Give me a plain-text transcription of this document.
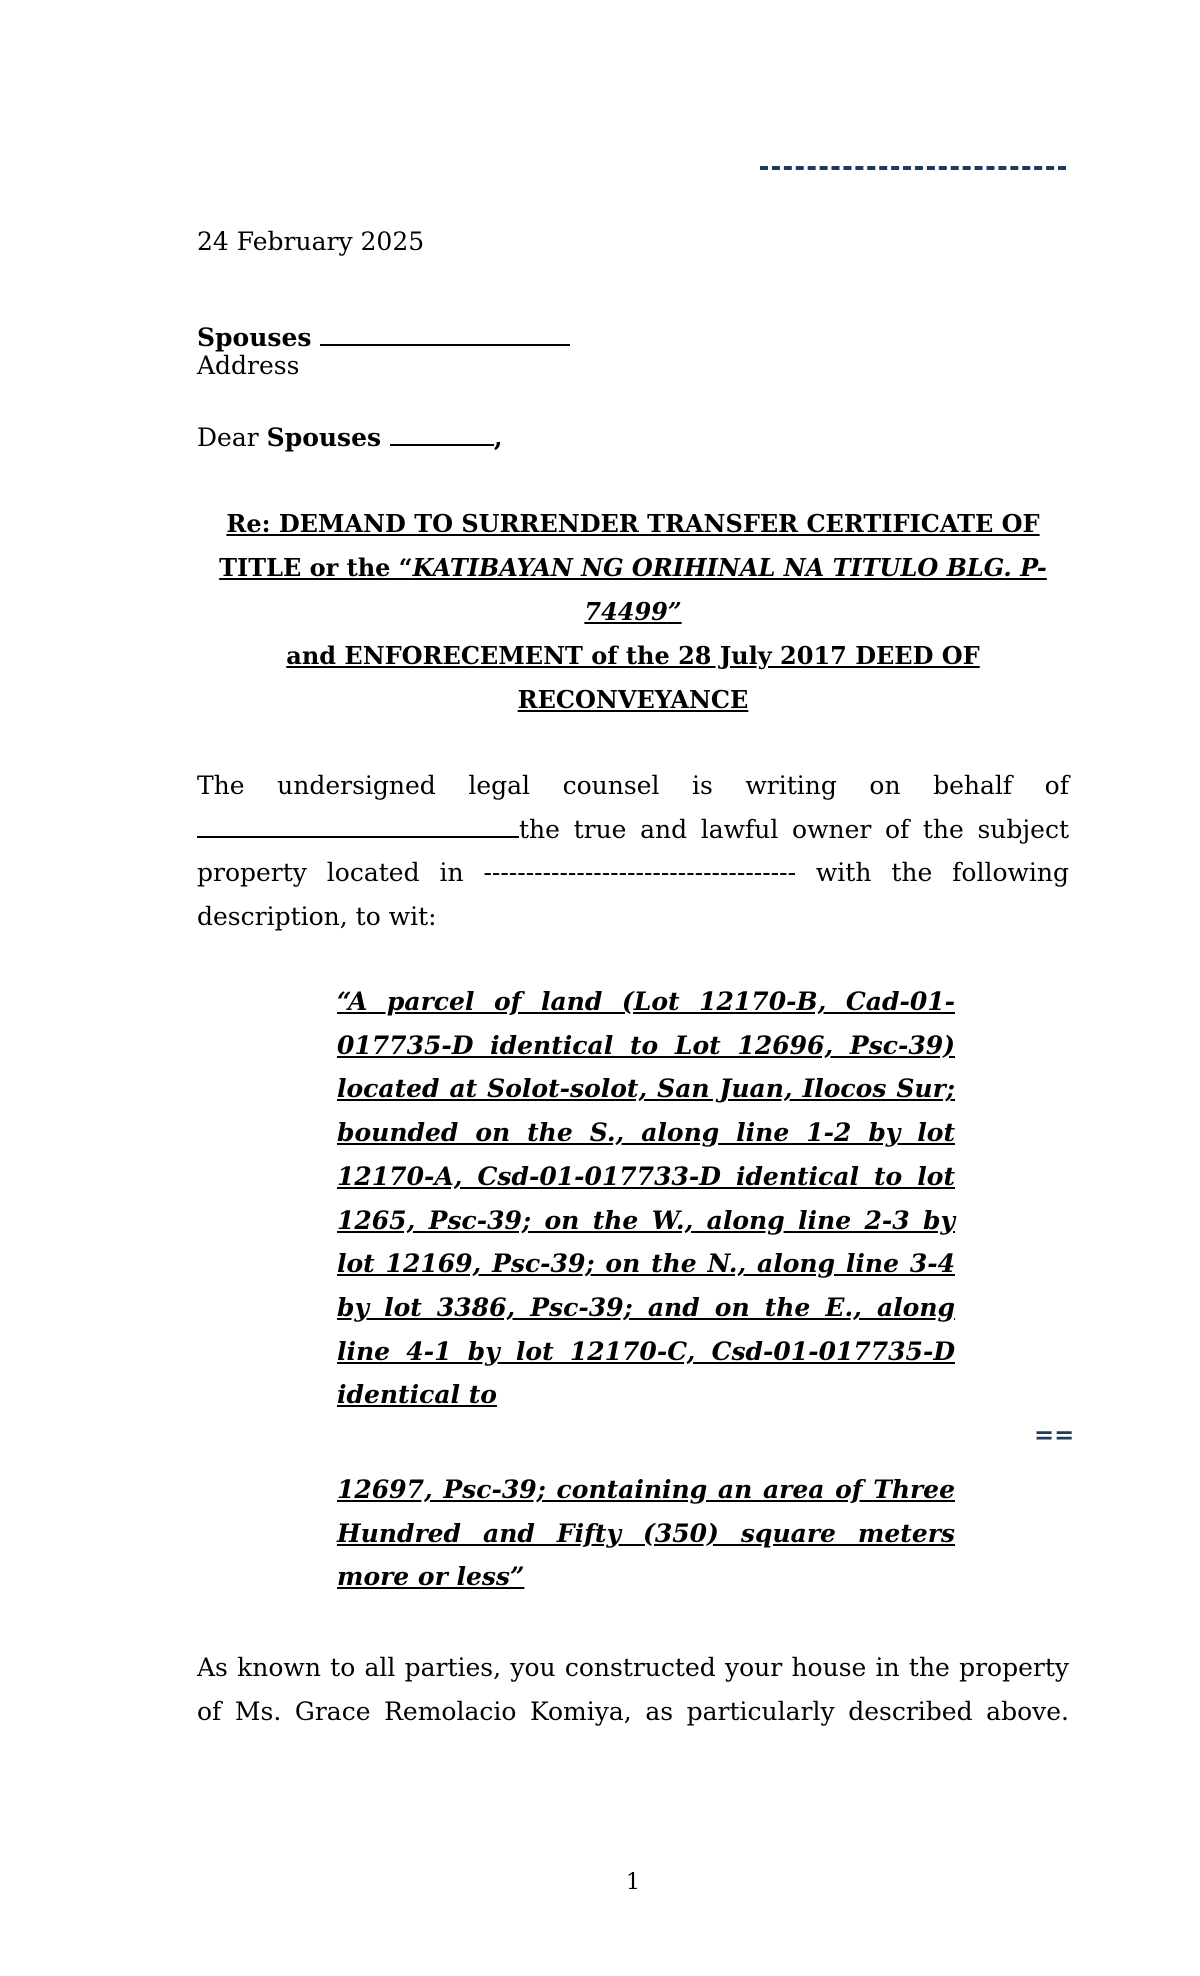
24 February 2025
Spouses
Address
Dear Spouses	,
Re: DEMAND TO SURRENDER TRANSFER CERTIFICATE OF TITLE or the “KATIBAYAN NG ORIHINAL NA TITULO BLG. P-74499”
and ENFORECEMENT of the 28 July 2017 DEED OF RECONVEYANCE
The undersigned legal counsel is writing on behalf of the true and lawful owner of the subject property located in ------------------------------------- with the following description, to wit:
“A parcel of land (Lot 12170-B, Cad-01-017735-D identical to Lot 12696, Psc-39) located at Solot-solot, San Juan, Ilocos Sur; bounded on the S., along line 1-2 by lot 12170-A, Csd-01-017733-D identical to lot 1265, Psc-39; on the W., along line 2-3 by lot 12169, Psc-39; on the N., along line 3-4 by lot 3386, Psc-39; and on the E., along line 4-1 by lot 12170-C, Csd-01-017735-D identical to
==
12697, Psc-39; containing an area of Three Hundred and Fifty (350) square meters more or less”
As known to all parties, you constructed your house in the property of Ms. Grace Remolacio Komiya, as particularly described above.
1
